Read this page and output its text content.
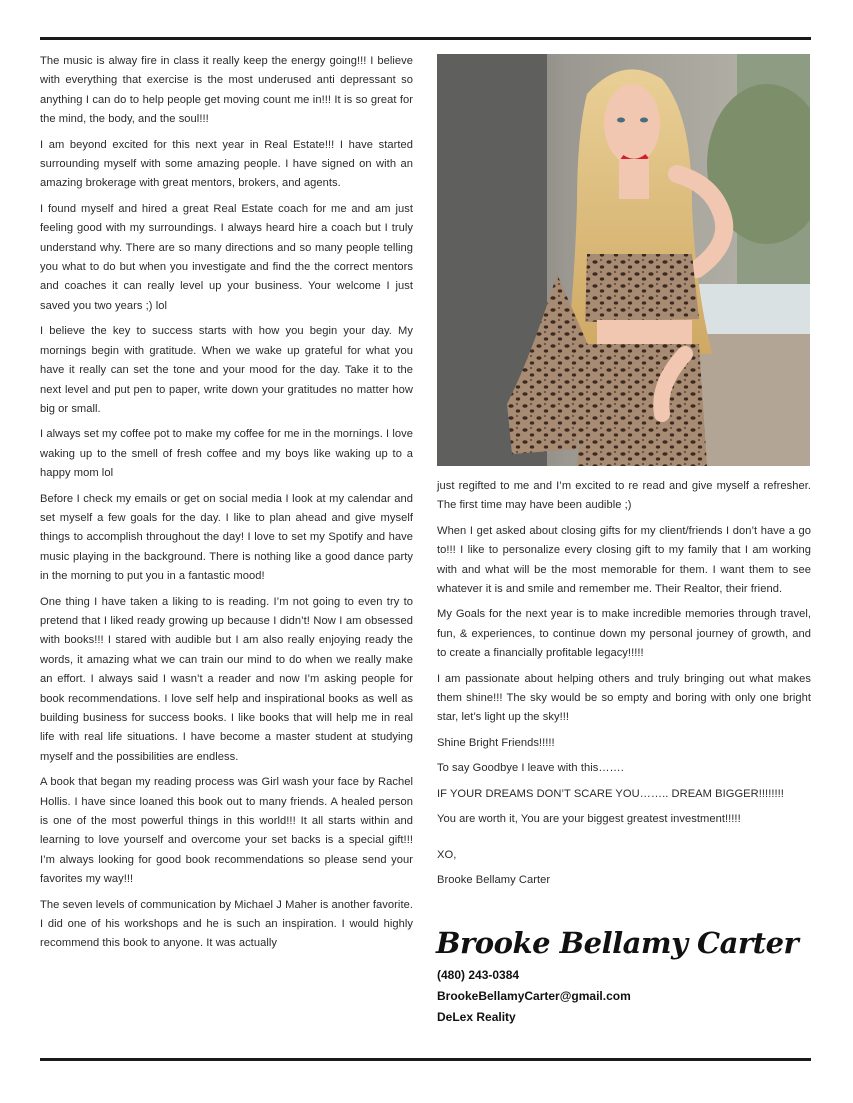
The music is alway fire in class it really keep the energy going!!! I believe with everything that exercise is the most underused anti depressant so anything I can do to help people get moving count me in!!! It is so great for the mind, the body, and the soul!!!

I am beyond excited for this next year in Real Estate!!! I have started surrounding myself with some amazing people. I have signed on with an amazing brokerage with great mentors, brokers, and agents.

I found myself and hired a great Real Estate coach for me and am just feeling good with my surroundings. I always heard hire a coach but I truly understand why. There are so many directions and so many people telling you what to do but when you investigate and find the the correct mentors and coaches it can really level up your business. Your welcome I just saved you two years ;) lol

I believe the key to success starts with how you begin your day. My mornings begin with gratitude. When we wake up grateful for what you have it really can set the tone and your mood for the day. Take it to the next level and put pen to paper, write down your gratitudes no matter how big or small.

I always set my coffee pot to make my coffee for me in the mornings. I love waking up to the smell of fresh coffee and my boys like waking up to a happy mom lol

Before I check my emails or get on social media I look at my calendar and set myself a few goals for the day. I like to plan ahead and give myself things to accomplish throughout the day! I love to set my Spotify and have music playing in the background. There is nothing like a good dance party in the morning to put you in a fantastic mood!

One thing I have taken a liking to is reading. I’m not going to even try to pretend that I liked ready growing up because I didn’t! Now I am obsessed with books!!! I stared with audible but I am also really enjoying ready the words, it amazing what we can train our mind to do when we really make an effort. I always said I wasn’t a reader and now I’m asking people for book recommendations. I love self help and inspirational books as well as building business for success books. I like books that will help me in real life with real life situations. I have become a master student at studying myself and the possibilities are endless.

A book that began my reading process was Girl wash your face by Rachel Hollis. I have since loaned this book out to many friends. A healed person is one of the most powerful things in this world!!! It all starts within and learning to love yourself and overcome your set backs is a special gift!!! I’m always looking for good book recommendations so please send your favorites my way!!!

The seven levels of communication by Michael J Maher is another favorite. I did one of his workshops and he is such an inspiration. I would highly recommend this book to anyone. It was actually

just regifted to me and I’m excited to re read and give myself a refresher. The first time may have been audible ;)

When I get asked about closing gifts for my client/friends I don’t have a go to!!! I like to personalize every closing gift to my family that I am working with and what will be the most memorable for them. I want them to see whatever it is and smile and remember me. Their Realtor, their friend.

My Goals for the next year is to make incredible memories through travel, fun, & experiences, to continue down my personal journey of growth, and to create a financially profitable legacy!!!!!

I am passionate about helping others and truly bringing out what makes them shine!!! The sky would be so empty and boring with only one bright star, let’s light up the sky!!!

Shine Bright Friends!!!!!

To say Goodbye I leave with this…….

IF YOUR DREAMS DON’T SCARE YOU…….. DREAM BIGGER!!!!!!!!

You are worth it, You are your biggest greatest investment!!!!!

XO,

Brooke Bellamy Carter

Brooke Bellamy Carter
(480) 243-0384
BrookeBellamyCarter@gmail.com
DeLex Reality
